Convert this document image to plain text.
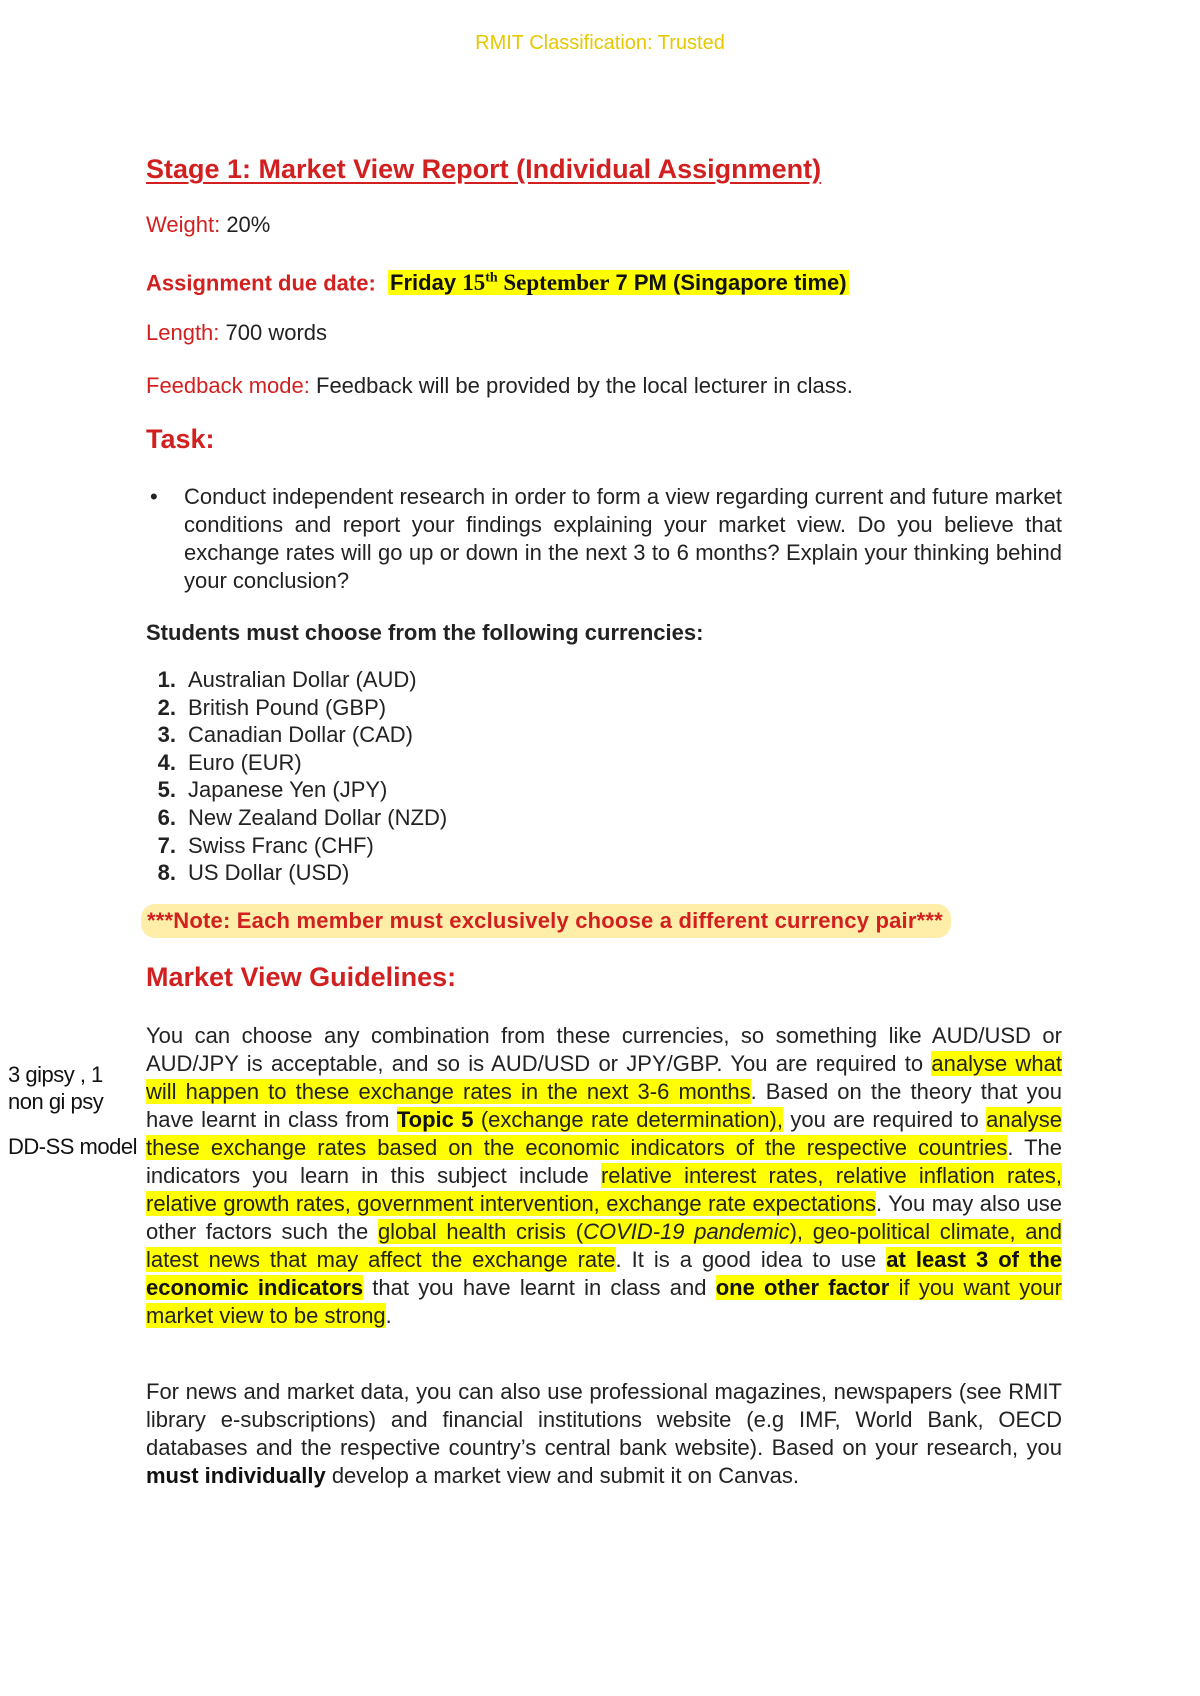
RMIT Classification: Trusted
Stage 1: Market View Report (Individual Assignment)
Weight: 20%
Assignment due date: Friday 15th September 7 PM (Singapore time)
Length: 700 words
Feedback mode: Feedback will be provided by the local lecturer in class.
Task:
• Conduct independent research in order to form a view regarding current and future market conditions and report your findings explaining your market view. Do you believe that exchange rates will go up or down in the next 3 to 6 months? Explain your thinking behind your conclusion?
Students must choose from the following currencies:
1. Australian Dollar (AUD)
2. British Pound (GBP)
3. Canadian Dollar (CAD)
4. Euro (EUR)
5. Japanese Yen (JPY)
6. New Zealand Dollar (NZD)
7. Swiss Franc (CHF)
8. US Dollar (USD)
***Note: Each member must exclusively choose a different currency pair***
Market View Guidelines:
You can choose any combination from these currencies, so something like AUD/USD or AUD/JPY is acceptable, and so is AUD/USD or JPY/GBP. You are required to analyse what will happen to these exchange rates in the next 3-6 months. Based on the theory that you have learnt in class from Topic 5 (exchange rate determination), you are required to analyse these exchange rates based on the economic indicators of the respective countries. The indicators you learn in this subject include relative interest rates, relative inflation rates, relative growth rates, government intervention, exchange rate expectations. You may also use other factors such the global health crisis (COVID-19 pandemic), geo-political climate, and latest news that may affect the exchange rate. It is a good idea to use at least 3 of the economic indicators that you have learnt in class and one other factor if you want your market view to be strong.
For news and market data, you can also use professional magazines, newspapers (see RMIT library e-subscriptions) and financial institutions website (e.g IMF, World Bank, OECD databases and the respective country’s central bank website). Based on your research, you must individually develop a market view and submit it on Canvas.
3 gipsy , 1
non gi psy
DD-SS model
